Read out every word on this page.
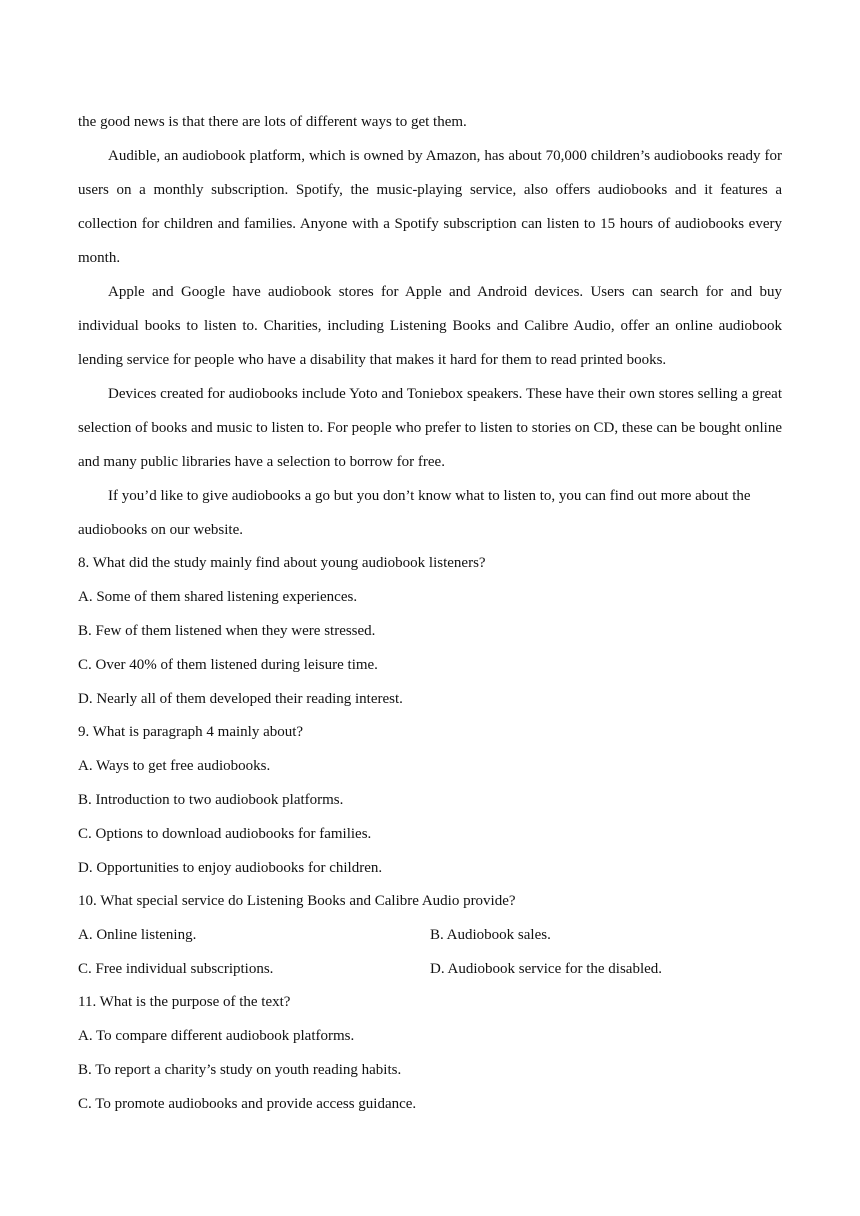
the good news is that there are lots of different ways to get them.
Audible, an audiobook platform, which is owned by Amazon, has about 70,000 children’s audiobooks ready for
users on a monthly subscription. Spotify, the music-playing service, also offers audiobooks and it features a
collection for children and families. Anyone with a Spotify subscription can listen to 15 hours of audiobooks every
month.
Apple and Google have audiobook stores for Apple and Android devices. Users can search for and buy
individual books to listen to. Charities, including Listening Books and Calibre Audio, offer an online audiobook
lending service for people who have a disability that makes it hard for them to read printed books.
Devices created for audiobooks include Yoto and Toniebox speakers. These have their own stores selling a great
selection of books and music to listen to. For people who prefer to listen to stories on CD, these can be bought online
and many public libraries have a selection to borrow for free.
If you’d like to give audiobooks a go but you don’t know what to listen to, you can find out more about the
audiobooks on our website.
8. What did the study mainly find about young audiobook listeners?
A. Some of them shared listening experiences.
B. Few of them listened when they were stressed.
C. Over 40% of them listened during leisure time.
D. Nearly all of them developed their reading interest.
9. What is paragraph 4 mainly about?
A. Ways to get free audiobooks.
B. Introduction to two audiobook platforms.
C. Options to download audiobooks for families.
D. Opportunities to enjoy audiobooks for children.
10. What special service do Listening Books and Calibre Audio provide?
A. Online listening.	B. Audiobook sales.
C. Free individual subscriptions.	D. Audiobook service for the disabled.
11. What is the purpose of the text?
A. To compare different audiobook platforms.
B. To report a charity’s study on youth reading habits.
C. To promote audiobooks and provide access guidance.
